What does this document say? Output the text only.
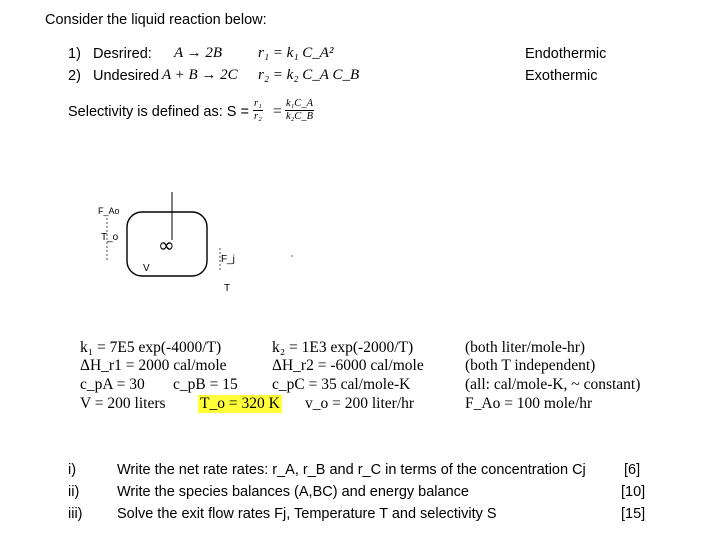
Consider the liquid reaction below:
1) Desrired: A → 2B r₁ = k₁ C_A²	Endothermic
2) Undesired A + B → 2C r₂ = k₂ C_A C_B	Exothermic
Selectivity is defined as: $S = \frac{\text{r₁}}{\text{r₂}} = \frac{\text{k₁C\_A}}{\text{k₂C\_B}}$
∞
F_Ao
T_o
V
F_j
T
k₁ = 7E5 exp(-4000/T)	k₂ = 1E3 exp(-2000/T)	(both liter/mole-hr)
ΔH_r1 = 2000 cal/mole	ΔH_r2 = -6000 cal/mole	(both T independent)
c_pA = 30 c_pB = 15 c_pC = 35 cal/mole-K	(all: cal/mole-K, ~ constant)
V = 200 liters T_o = 320 K v_o = 200 liter/hr	F_Ao = 100 mole/hr
i)	Write the net rate rates: r_A, r_B and r_C in terms of the concentration Cj	[6]
ii)	Write the species balances (A,BC) and energy balance	[10]
iii) Solve the exit flow rates Fj, Temperature T and selectivity S	[15]
